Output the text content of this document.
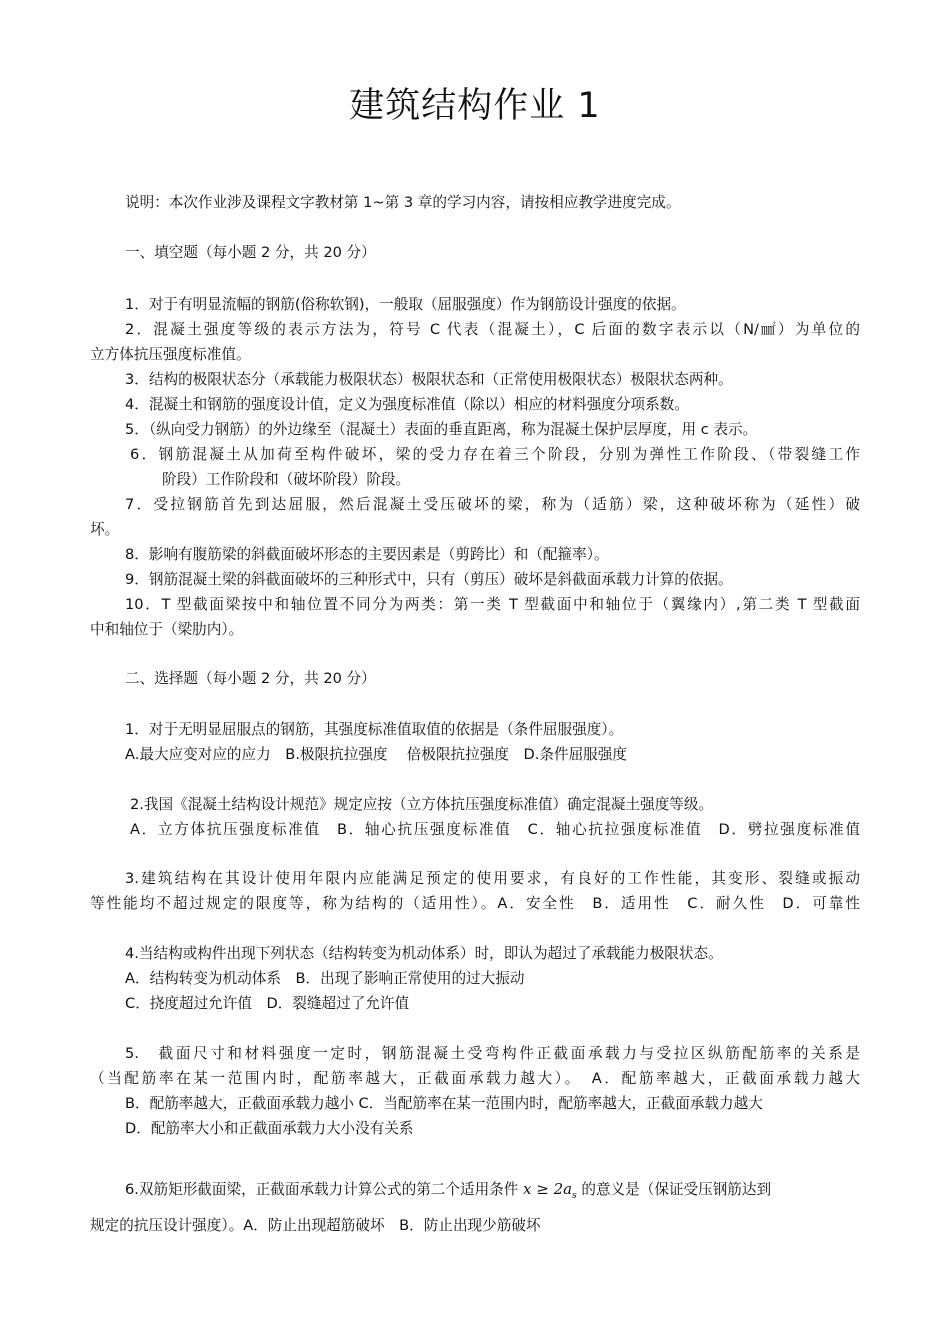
建筑结构作业 1
说明：本次作业涉及课程文字教材第 1~第 3 章的学习内容，请按相应教学进度完成。
一、填空题（每小题 2 分，共 20 分）
1．对于有明显流幅的钢筋(俗称软钢)，一般取（屈服强度）作为钢筋设计强度的依据。
2．混凝土强度等级的表示方法为，符号 C 代表（混凝土），C 后面的数字表示以（N/㎟）为单位的
立方体抗压强度标准值。
3．结构的极限状态分（承载能力极限状态）极限状态和（正常使用极限状态）极限状态两种。
4．混凝土和钢筋的强度设计值，定义为强度标准值（除以）相应的材料强度分项系数。
5．（纵向受力钢筋）的外边缘至（混凝土）表面的垂直距离，称为混凝土保护层厚度，用 c 表示。
6．钢筋混凝土从加荷至构件破坏，梁的受力存在着三个阶段，分别为弹性工作阶段、（带裂缝工作
阶段）工作阶段和（破坏阶段）阶段。
7．受拉钢筋首先到达屈服，然后混凝土受压破坏的梁，称为（适筋）梁，这种破坏称为（延性）破
坏。
8．影响有腹筋梁的斜截面破坏形态的主要因素是（剪跨比）和（配箍率）。
9．钢筋混凝土梁的斜截面破坏的三种形式中，只有（剪压）破坏是斜截面承载力计算的依据。
10．T 型截面梁按中和轴位置不同分为两类：第一类 T 型截面中和轴位于（翼缘内）,第二类 T 型截面
中和轴位于（梁肋内）。
二、选择题（每小题 2 分，共 20 分）
1．对于无明显屈服点的钢筋，其强度标准值取值的依据是（条件屈服强度）。
A.最大应变对应的应力　B.极限抗拉强度　 倍极限抗拉强度　D.条件屈服强度
2.我国《混凝土结构设计规范》规定应按（立方体抗压强度标准值）确定混凝土强度等级。
A．立方体抗压强度标准值　B．轴心抗压强度标准值　C．轴心抗拉强度标准值　D．劈拉强度标准值
3.建筑结构在其设计使用年限内应能满足预定的使用要求，有良好的工作性能，其变形、裂缝或振动
等性能均不超过规定的限度等，称为结构的（适用性）。A．安全性　B．适用性　C．耐久性　D．可靠性
4.当结构或构件出现下列状态（结构转变为机动体系）时，即认为超过了承载能力极限状态。
A．结构转变为机动体系　B．出现了影响正常使用的过大振动
C．挠度超过允许值　D．裂缝超过了允许值
5.　截面尺寸和材料强度一定时，钢筋混凝土受弯构件正截面承载力与受拉区纵筋配筋率的关系是
（当配筋率在某一范围内时，配筋率越大，正截面承载力越大）。　A．配筋率越大，正截面承载力越大
B．配筋率越大，正截面承载力越小 C．当配筋率在某一范围内时，配筋率越大，正截面承载力越大
D．配筋率大小和正截面承载力大小没有关系
6.双筋矩形截面梁，正截面承载力计算公式的第二个适用条件 $x \ge 2a_s$ 的意义是（保证受压钢筋达到
规定的抗压设计强度）。A．防止出现超筋破坏　B．防止出现少筋破坏
